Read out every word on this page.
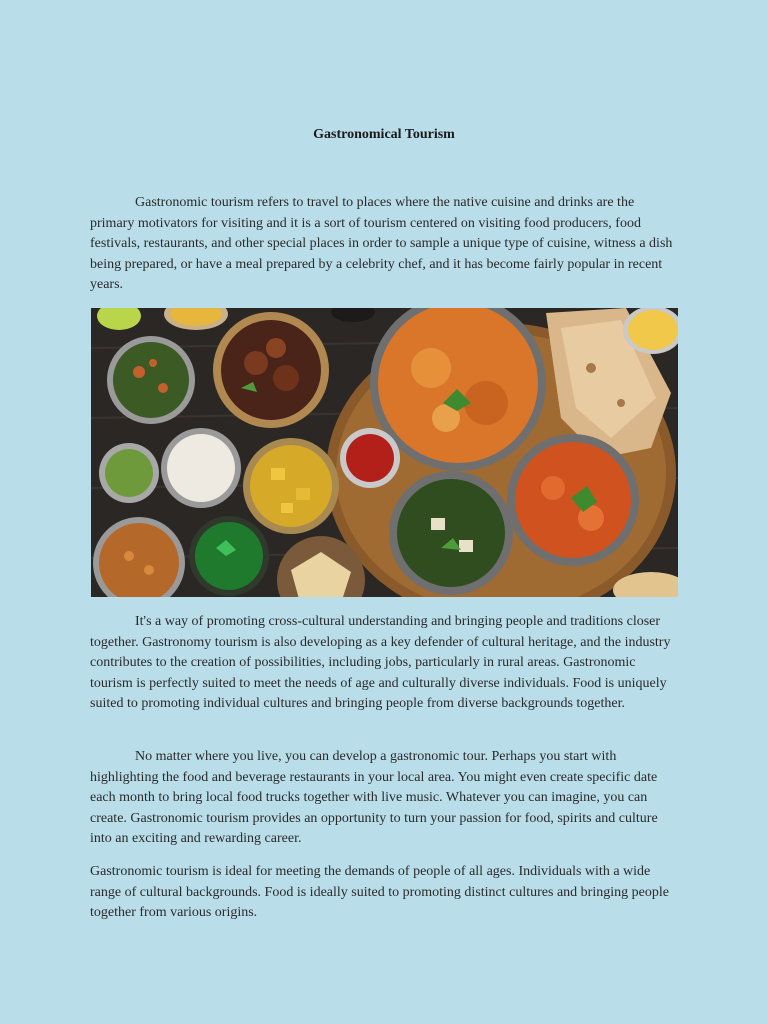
Gastronomical Tourism

Gastronomic tourism refers to travel to places where the native cuisine and drinks are the primary motivators for visiting and it is a sort of tourism centered on visiting food producers, food festivals, restaurants, and other special places in order to sample a unique type of cuisine, witness a dish being prepared, or have a meal prepared by a celebrity chef, and it has become fairly popular in recent years.

It's a way of promoting cross-cultural understanding and bringing people and traditions closer together. Gastronomy tourism is also developing as a key defender of cultural heritage, and the industry contributes to the creation of possibilities, including jobs, particularly in rural areas. Gastronomic tourism is perfectly suited to meet the needs of age and culturally diverse individuals. Food is uniquely suited to promoting individual cultures and bringing people from diverse backgrounds together.

No matter where you live, you can develop a gastronomic tour. Perhaps you start with highlighting the food and beverage restaurants in your local area. You might even create specific date each month to bring local food trucks together with live music. Whatever you can imagine, you can create. Gastronomic tourism provides an opportunity to turn your passion for food, spirits and culture into an exciting and rewarding career.

Gastronomic tourism is ideal for meeting the demands of people of all ages. Individuals with a wide range of cultural backgrounds. Food is ideally suited to promoting distinct cultures and bringing people together from various origins.
